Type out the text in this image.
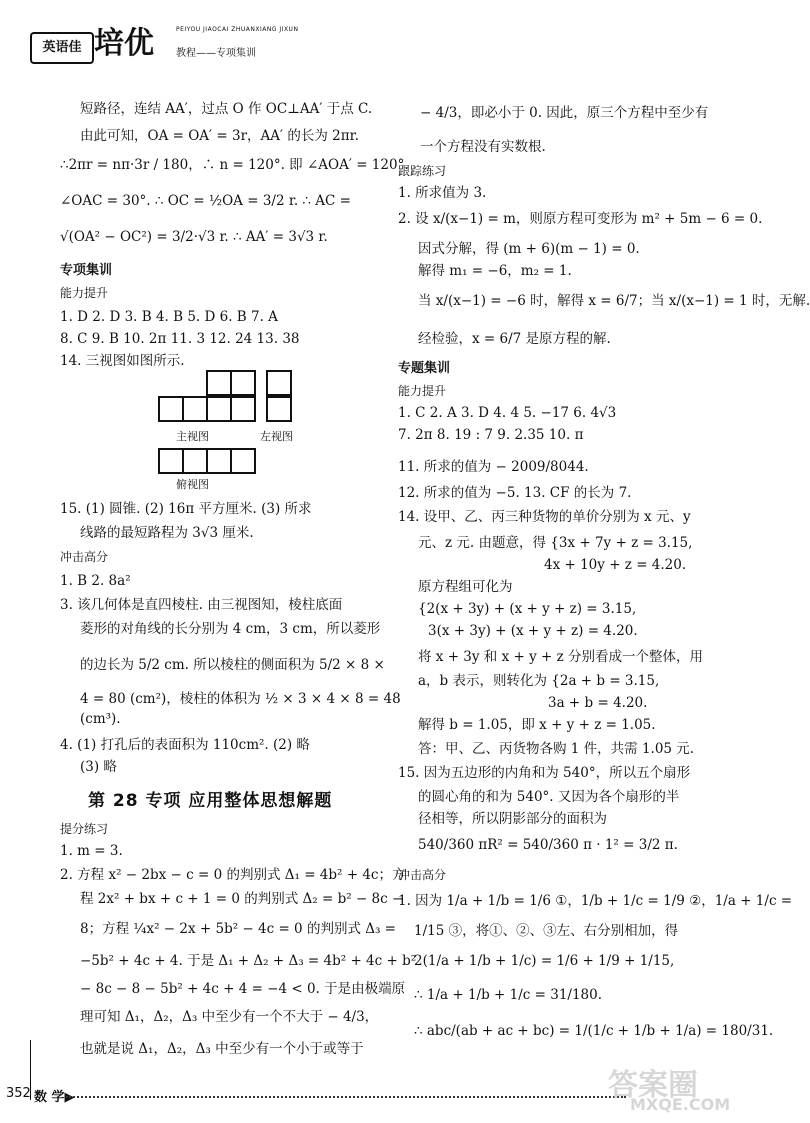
英语佳 培优	PEIYOU JIAOCAI ZHUANXIANG JIXUN
教程——专项集训
短路径，连结 AA′，过点 O 作 OC⊥AA′ 于点 C.
由此可知，OA = OA′ = 3r，AA′ 的长为 2πr.
∴2πr = nπ·3r / 180，∴ n = 120°. 即 ∠AOA′ = 120°.
∠OAC = 30°. ∴ OC = ½OA = 3/2 r. ∴ AC =
√(OA² − OC²) = 3/2·√3 r. ∴ AA′ = 3√3 r.
专项集训
能力提升
1. D 2. D 3. B 4. B 5. D 6. B 7. A
8. C 9. B 10. 2π 11. 3 12. 24 13. 38
14. 三视图如图所示.
主视图	左视图
俯视图
15. (1) 圆锥. (2) 16π 平方厘米. (3) 所求
线路的最短路程为 3√3 厘米.
冲击高分
1. B 2. 8a²
3. 该几何体是直四棱柱. 由三视图知，棱柱底面
菱形的对角线的长分别为 4 cm，3 cm，所以菱形
的边长为 5/2 cm. 所以棱柱的侧面积为 5/2 × 8 ×
4 = 80 (cm²)，棱柱的体积为 ½ × 3 × 4 × 8 = 48
(cm³).
4. (1) 打孔后的表面积为 110cm². (2) 略
(3) 略
第 28 专项 应用整体思想解题
提分练习
1. m = 3.
2. 方程 x² − 2bx − c = 0 的判别式 Δ₁ = 4b² + 4c；方
程 2x² + bx + c + 1 = 0 的判别式 Δ₂ = b² − 8c −
8；方程 ¼x² − 2x + 5b² − 4c = 0 的判别式 Δ₃ =
−5b² + 4c + 4. 于是 Δ₁ + Δ₂ + Δ₃ = 4b² + 4c + b²
− 8c − 8 − 5b² + 4c + 4 = −4 < 0. 于是由极端原
理可知 Δ₁，Δ₂，Δ₃ 中至少有一个不大于 − 4/3，
也就是说 Δ₁，Δ₂，Δ₃ 中至少有一个小于或等于
− 4/3，即必小于 0. 因此，原三个方程中至少有
一个方程没有实数根.
跟踪练习
1. 所求值为 3.
2. 设 x/(x−1) = m，则原方程可变形为 m² + 5m − 6 = 0.
因式分解，得 (m + 6)(m − 1) = 0.
解得 m₁ = −6，m₂ = 1.
当 x/(x−1) = −6 时，解得 x = 6/7；当 x/(x−1) = 1 时，无解.
经检验，x = 6/7 是原方程的解.
专题集训
能力提升
1. C 2. A 3. D 4. 4 5. −17 6. 4√3
7. 2π 8. 19 : 7 9. 2.35 10. π
11. 所求的值为 − 2009/8044.
12. 所求的值为 −5. 13. CF 的长为 7.
14. 设甲、乙、丙三种货物的单价分别为 x 元、y
元、z 元. 由题意，得 {3x + 7y + z = 3.15,
4x + 10y + z = 4.20.
原方程组可化为
{2(x + 3y) + (x + y + z) = 3.15,
3(x + 3y) + (x + y + z) = 4.20.
将 x + 3y 和 x + y + z 分别看成一个整体，用
a，b 表示，则转化为 {2a + b = 3.15,
3a + b = 4.20.
解得 b = 1.05，即 x + y + z = 1.05.
答：甲、乙、丙货物各购 1 件，共需 1.05 元.
15. 因为五边形的内角和为 540°，所以五个扇形
的圆心角的和为 540°. 又因为各个扇形的半
径相等，所以阴影部分的面积为
540/360 πR² = 540/360 π · 1² = 3/2 π.
冲击高分
1. 因为 1/a + 1/b = 1/6 ①，1/b + 1/c = 1/9 ②，1/a + 1/c =
1/15 ③，将①、②、③左、右分别相加，得
2(1/a + 1/b + 1/c) = 1/6 + 1/9 + 1/15,
∴ 1/a + 1/b + 1/c = 31/180.
∴ abc/(ab + ac + bc) = 1/(1/c + 1/b + 1/a) = 180/31.
352 数 学▶	答案圈
MXQE.COM
